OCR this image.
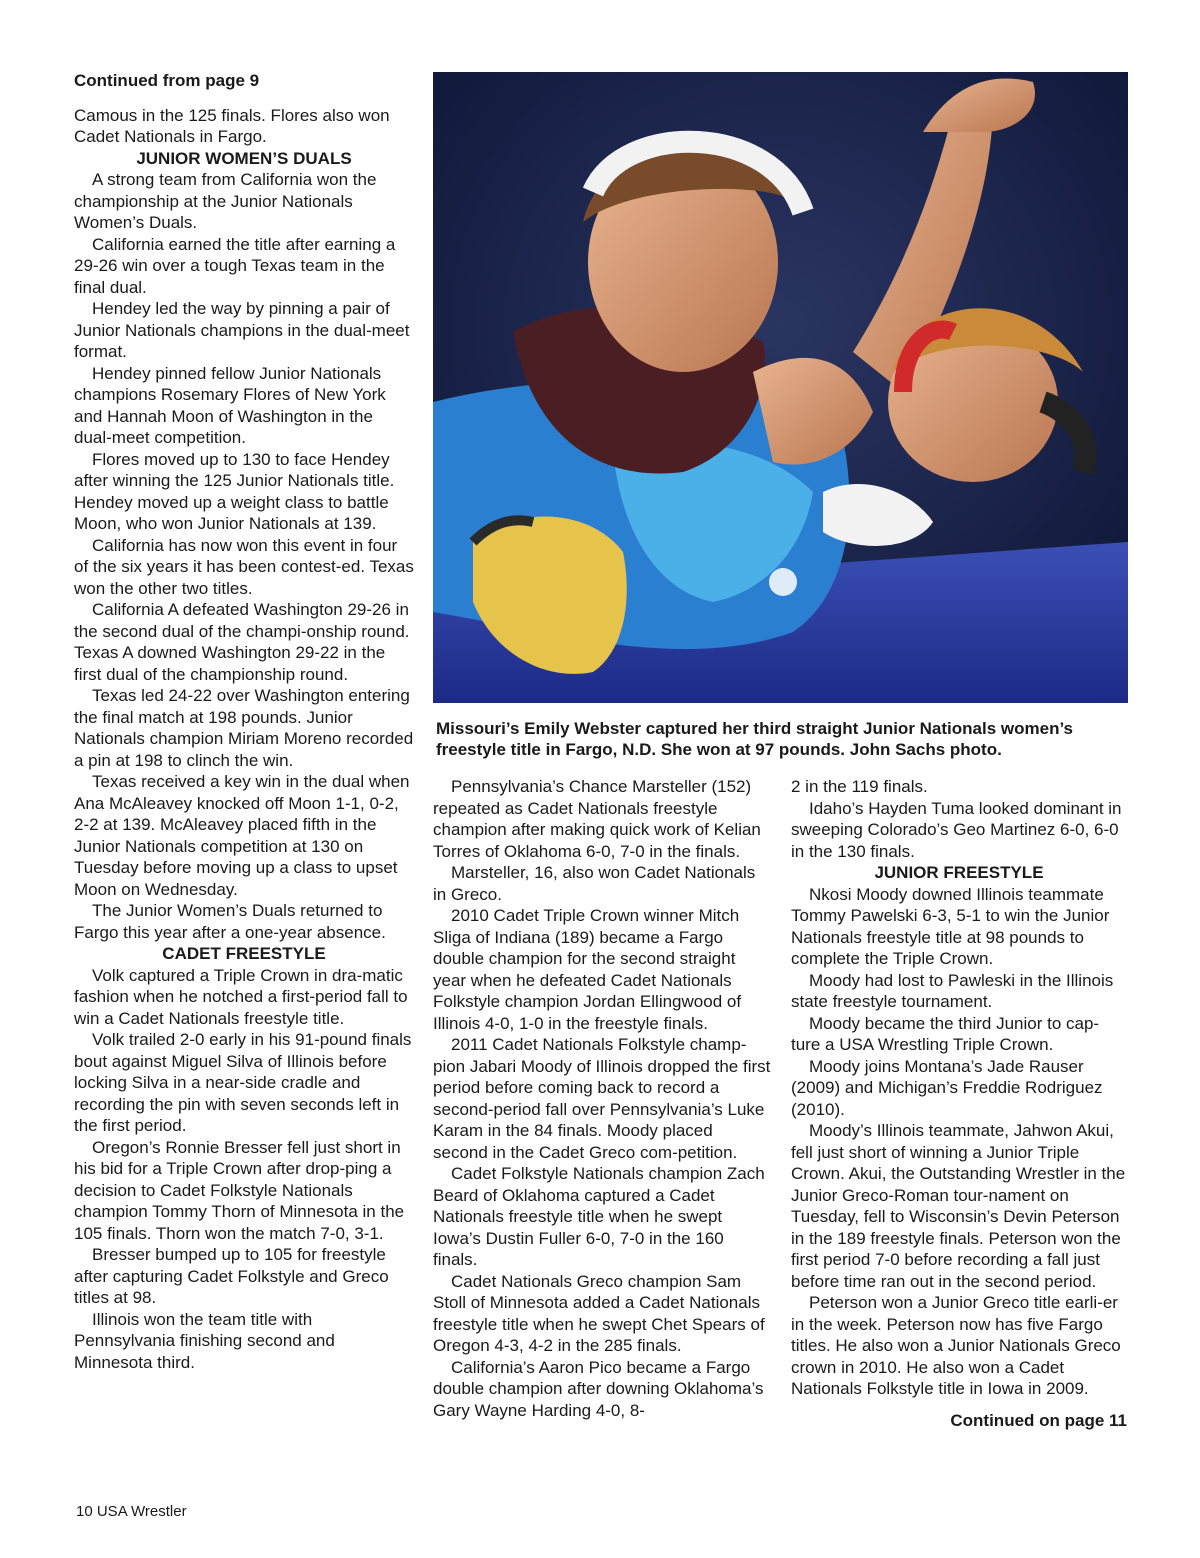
Continued from page 9

Camous in the 125 finals. Flores also won Cadet Nationals in Fargo.

JUNIOR WOMEN’S DUALS

A strong team from California won the championship at the Junior Nationals Women’s Duals.

California earned the title after earning a 29-26 win over a tough Texas team in the final dual.

Hendey led the way by pinning a pair of Junior Nationals champions in the dual-meet format.

Hendey pinned fellow Junior Nationals champions Rosemary Flores of New York and Hannah Moon of Washington in the dual-meet competition.

Flores moved up to 130 to face Hendey after winning the 125 Junior Nationals title. Hendey moved up a weight class to battle Moon, who won Junior Nationals at 139.

California has now won this event in four of the six years it has been contest-ed. Texas won the other two titles.

California A defeated Washington 29-26 in the second dual of the champi-onship round. Texas A downed Washington 29-22 in the first dual of the championship round.

Texas led 24-22 over Washington entering the final match at 198 pounds. Junior Nationals champion Miriam Moreno recorded a pin at 198 to clinch the win.

Texas received a key win in the dual when Ana McAleavey knocked off Moon 1-1, 0-2, 2-2 at 139. McAleavey placed fifth in the Junior Nationals competition at 130 on Tuesday before moving up a class to upset Moon on Wednesday.

The Junior Women’s Duals returned to Fargo this year after a one-year absence.

CADET FREESTYLE

Volk captured a Triple Crown in dra-matic fashion when he notched a first-period fall to win a Cadet Nationals freestyle title.

Volk trailed 2-0 early in his 91-pound finals bout against Miguel Silva of Illinois before locking Silva in a near-side cradle and recording the pin with seven seconds left in the first period.

Oregon’s Ronnie Bresser fell just short in his bid for a Triple Crown after drop-ping a decision to Cadet Folkstyle Nationals champion Tommy Thorn of Minnesota in the 105 finals. Thorn won the match 7-0, 3-1.

Bresser bumped up to 105 for freestyle after capturing Cadet Folkstyle and Greco titles at 98.

Illinois won the team title with Pennsylvania finishing second and Minnesota third.

Missouri’s Emily Webster captured her third straight Junior Nationals women’s freestyle title in Fargo, N.D. She won at 97 pounds. John Sachs photo.

Pennsylvania’s Chance Marsteller (152) repeated as Cadet Nationals freestyle champion after making quick work of Kelian Torres of Oklahoma 6-0, 7-0 in the finals.

Marsteller, 16, also won Cadet Nationals in Greco.

2010 Cadet Triple Crown winner Mitch Sliga of Indiana (189) became a Fargo double champion for the second straight year when he defeated Cadet Nationals Folkstyle champion Jordan Ellingwood of Illinois 4-0, 1-0 in the freestyle finals.

2011 Cadet Nationals Folkstyle champ-pion Jabari Moody of Illinois dropped the first period before coming back to record a second-period fall over Pennsylvania’s Luke Karam in the 84 finals. Moody placed second in the Cadet Greco com-petition.

Cadet Folkstyle Nationals champion Zach Beard of Oklahoma captured a Cadet Nationals freestyle title when he swept Iowa’s Dustin Fuller 6-0, 7-0 in the 160 finals.

Cadet Nationals Greco champion Sam Stoll of Minnesota added a Cadet Nationals freestyle title when he swept Chet Spears of Oregon 4-3, 4-2 in the 285 finals.

California’s Aaron Pico became a Fargo double champion after downing Oklahoma’s Gary Wayne Harding 4-0, 8-

2 in the 119 finals.

Idaho’s Hayden Tuma looked dominant in sweeping Colorado’s Geo Martinez 6-0, 6-0 in the 130 finals.

JUNIOR FREESTYLE

Nkosi Moody downed Illinois teammate Tommy Pawelski 6-3, 5-1 to win the Junior Nationals freestyle title at 98 pounds to complete the Triple Crown.

Moody had lost to Pawleski in the Illinois state freestyle tournament.

Moody became the third Junior to cap-ture a USA Wrestling Triple Crown.

Moody joins Montana’s Jade Rauser (2009) and Michigan’s Freddie Rodriguez (2010).

Moody’s Illinois teammate, Jahwon Akui, fell just short of winning a Junior Triple Crown. Akui, the Outstanding Wrestler in the Junior Greco-Roman tour-nament on Tuesday, fell to Wisconsin’s Devin Peterson in the 189 freestyle finals. Peterson won the first period 7-0 before recording a fall just before time ran out in the second period.

Peterson won a Junior Greco title earli-er in the week. Peterson now has five Fargo titles. He also won a Junior Nationals Greco crown in 2010. He also won a Cadet Nationals Folkstyle title in Iowa in 2009.

Continued on page 11
10 USA Wrestler
